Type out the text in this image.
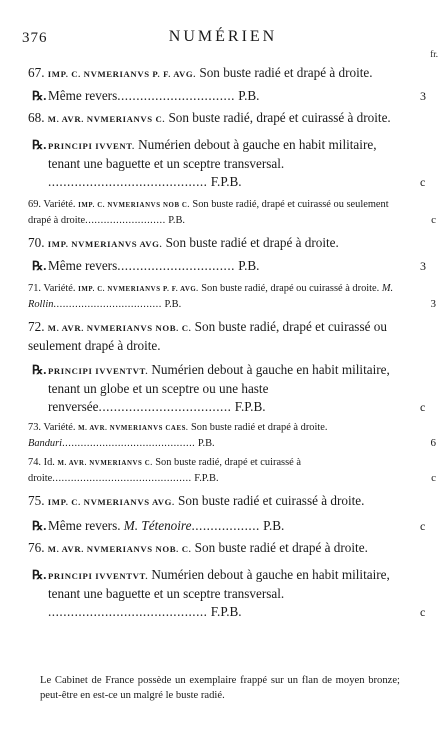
376	NUMÉRIEN
fr.
67. IMP. C. NVMERIANVS P. F. AVG. Son buste radié et drapé à droite.
℞. Même revers............................... P.B.	3
68. M. AVR. NVMERIANVS C. Son buste radié, drapé et cuirassé à droite.
℞. PRINCIPI IVVENT. Numérien debout à gauche en habit militaire, tenant une baguette et un sceptre transversal.
.......................................... F.P.B.	c
69. Variété. IMP. C. NVMERIANVS NOB C. Son buste radié, drapé et cuirassé ou seulement drapé à droite.......................... P.B.	c
70. IMP. NVMERIANVS AVG. Son buste radié et drapé à droite.
℞. Même revers............................... P.B.	3
71. Variété. IMP. C. NVMERIANVS P. F. AVG. Son buste radié, drapé ou cuirassé à droite. M. Rollin................................... P.B.	3
72. M. AVR. NVMERIANVS NOB. C. Son buste radié, drapé et cuirassé ou seulement drapé à droite.
℞. PRINCIPI IVVENTVT. Numérien debout à gauche en habit militaire, tenant un globe et un sceptre ou une haste renversée................................... F.P.B.	c
73. Variété. M. AVR. NVMERIANVS CAES. Son buste radié et drapé à droite. Banduri........................................... P.B.	6
74. Id. M. AVR. NVMERIANVS C. Son buste radié, drapé et cuirassé à droite............................................. F.P.B.	c
75. IMP. C. NVMERIANVS AVG. Son buste radié et cuirassé à droite.
℞. Même revers. M. Tétenoire.................. P.B.	c
76. M. AVR. NVMERIANVS NOB. C. Son buste radié et drapé à droite.
℞. PRINCIPI IVVENTVT. Numérien debout à gauche en habit militaire, tenant une baguette et un sceptre transversal.
.......................................... F.P.B.	c
Le Cabinet de France possède un exemplaire frappé sur un flan de moyen bronze; peut-être en est-ce un malgré le buste radié.
